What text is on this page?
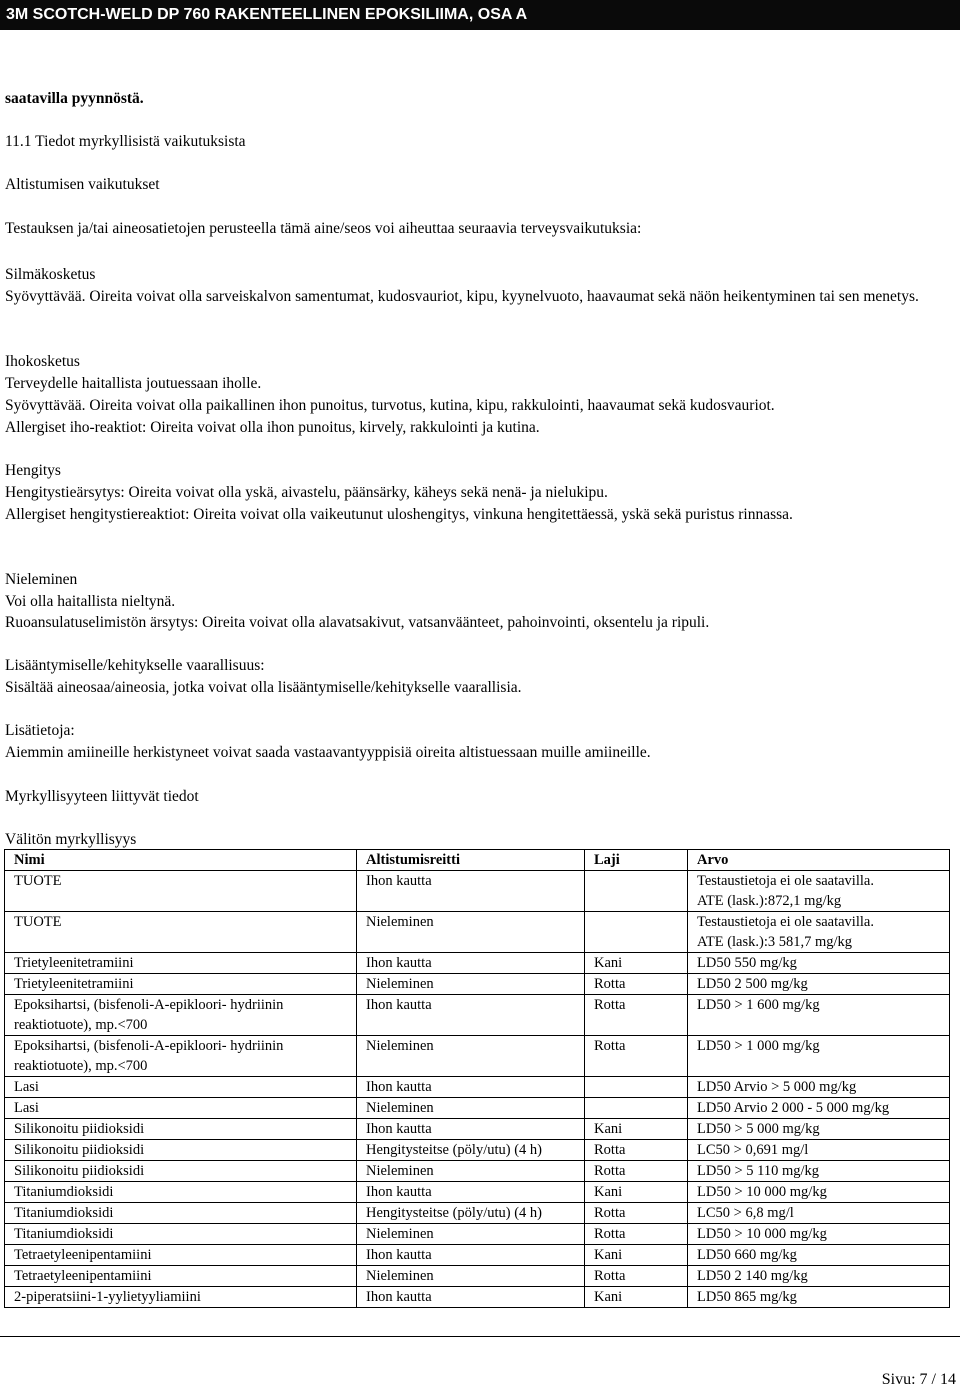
3M SCOTCH-WELD DP 760 RAKENTEELLINEN EPOKSILIIMA, OSA A
saatavilla pyynnöstä.
11.1 Tiedot myrkyllisistä vaikutuksista
Altistumisen vaikutukset
Testauksen ja/tai aineosatietojen perusteella tämä aine/seos voi aiheuttaa seuraavia terveysvaikutuksia:
Silmäkosketus
Syövyttävää. Oireita voivat olla sarveiskalvon samentumat, kudosvauriot, kipu, kyynelvuoto, haavaumat sekä näön heikentyminen tai sen menetys.
Ihokosketus
Terveydelle haitallista joutuessaan iholle.
Syövyttävää. Oireita voivat olla paikallinen ihon punoitus, turvotus, kutina, kipu, rakkulointi, haavaumat sekä kudosvauriot.
Allergiset iho-reaktiot: Oireita voivat olla ihon punoitus, kirvely, rakkulointi ja kutina.
Hengitys
Hengitystieärsytys: Oireita voivat olla yskä, aivastelu, päänsärky, käheys sekä nenä- ja nielukipu.
Allergiset hengitystiereaktiot: Oireita voivat olla vaikeutunut uloshengitys, vinkuna hengitettäessä, yskä sekä puristus rinnassa.
Nieleminen
Voi olla haitallista nieltynä.
Ruoansulatuselimistön ärsytys: Oireita voivat olla alavatsakivut, vatsanväänteet, pahoinvointi, oksentelu ja ripuli.
Lisääntymiselle/kehitykselle vaarallisuus:
Sisältää aineosaa/aineosia, jotka voivat olla lisääntymiselle/kehitykselle vaarallisia.
Lisätietoja:
Aiemmin amiineille herkistyneet voivat saada vastaavantyyppisiä oireita altistuessaan muille amiineille.
Myrkyllisyyteen liittyvät tiedot
Välitön myrkyllisyys
Nimi	Altistumisreitti	Laji	Arvo

TUOTE	Ihon kautta		Testaustietoja ei ole saatavilla.
ATE (lask.):872,1 mg/kg

TUOTE	Nieleminen		Testaustietoja ei ole saatavilla.
ATE (lask.):3 581,7 mg/kg

Trietyleenitetramiini	Ihon kautta	Kani	LD50 550 mg/kg

Trietyleenitetramiini	Nieleminen	Rotta	LD50 2 500 mg/kg

Epoksihartsi, (bisfenoli-A-epikloori- hydriinin
reaktiotuote), mp.<700	Ihon kautta	Rotta	LD50 > 1 600 mg/kg

Epoksihartsi, (bisfenoli-A-epikloori- hydriinin
reaktiotuote), mp.<700	Nieleminen	Rotta	LD50 > 1 000 mg/kg

Lasi	Ihon kautta		LD50 Arvio > 5 000 mg/kg

Lasi	Nieleminen		LD50 Arvio 2 000 - 5 000 mg/kg

Silikonoitu piidioksidi	Ihon kautta	Kani	LD50 > 5 000 mg/kg

Silikonoitu piidioksidi	Hengitysteitse (pöly/utu) (4 h)	Rotta	LC50 > 0,691 mg/l

Silikonoitu piidioksidi	Nieleminen	Rotta	LD50 > 5 110 mg/kg

Titaniumdioksidi	Ihon kautta	Kani	LD50 > 10 000 mg/kg

Titaniumdioksidi	Hengitysteitse (pöly/utu) (4 h)	Rotta	LC50 > 6,8 mg/l

Titaniumdioksidi	Nieleminen	Rotta	LD50 > 10 000 mg/kg

Tetraetyleenipentamiini	Ihon kautta	Kani	LD50 660 mg/kg

Tetraetyleenipentamiini	Nieleminen	Rotta	LD50 2 140 mg/kg

2-piperatsiini-1-yylietyyliamiini	Ihon kautta	Kani	LD50 865 mg/kg
Sivu: 7 / 14
